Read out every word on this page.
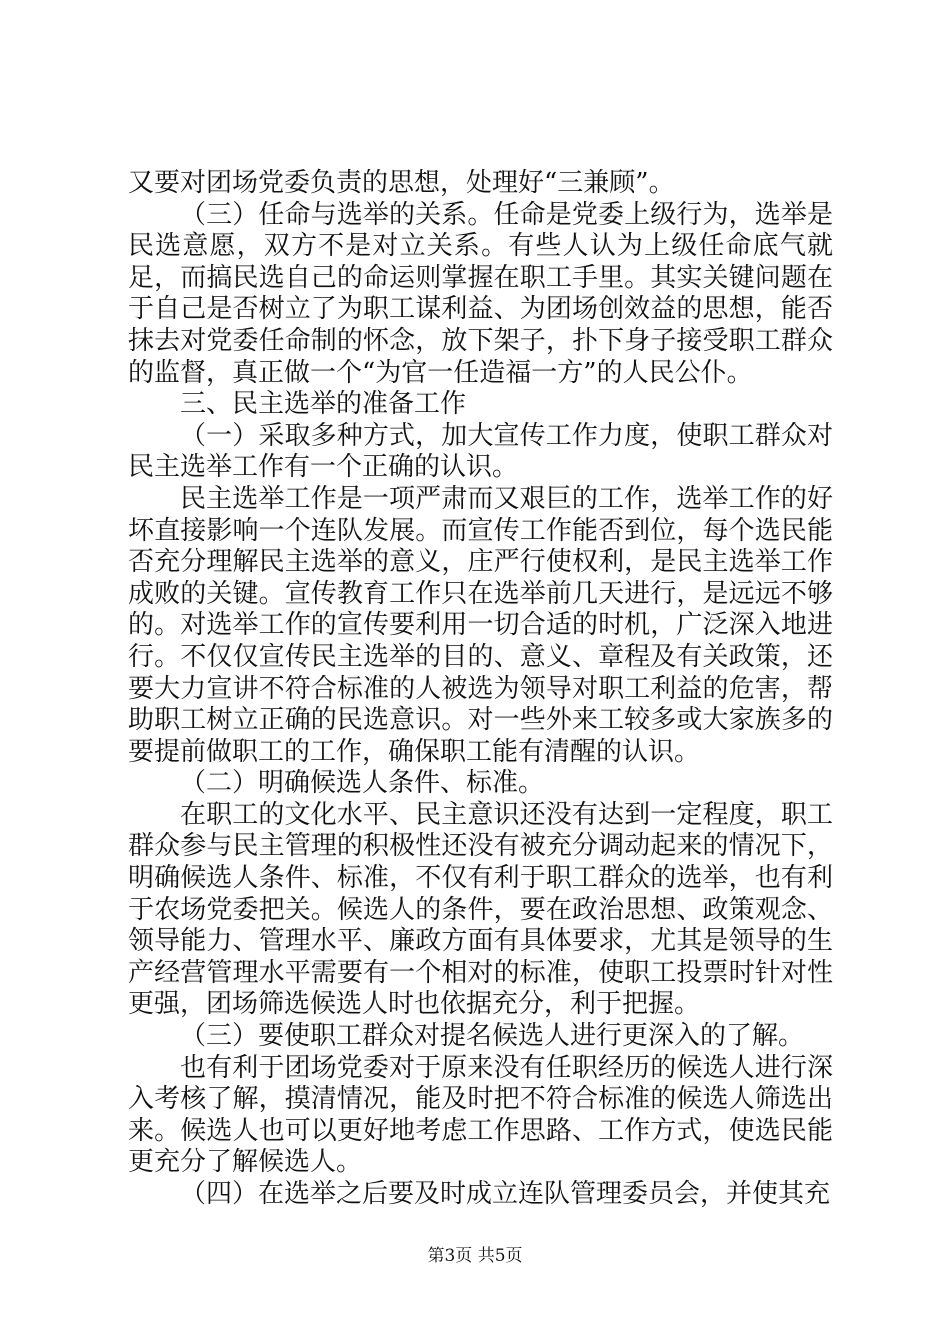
又要对团场党委负责的思想，处理好“三兼顾”。

（三）任命与选举的关系。任命是党委上级行为，选举是民选意愿，双方不是对立关系。有些人认为上级任命底气就足，而搞民选自己的命运则掌握在职工手里。其实关键问题在于自己是否树立了为职工谋利益、为团场创效益的思想，能否抹去对党委任命制的怀念，放下架子，扑下身子接受职工群众的监督，真正做一个“为官一任造福一方”的人民公仆。

三、民主选举的准备工作

（一）采取多种方式，加大宣传工作力度，使职工群众对民主选举工作有一个正确的认识。

民主选举工作是一项严肃而又艰巨的工作，选举工作的好坏直接影响一个连队发展。而宣传工作能否到位，每个选民能否充分理解民主选举的意义，庄严行使权利，是民主选举工作成败的关键。宣传教育工作只在选举前几天进行，是远远不够的。对选举工作的宣传要利用一切合适的时机，广泛深入地进行。不仅仅宣传民主选举的目的、意义、章程及有关政策，还要大力宣讲不符合标准的人被选为领导对职工利益的危害，帮助职工树立正确的民选意识。对一些外来工较多或大家族多的要提前做职工的工作，确保职工能有清醒的认识。

（二）明确候选人条件、标准。

在职工的文化水平、民主意识还没有达到一定程度，职工群众参与民主管理的积极性还没有被充分调动起来的情况下，明确候选人条件、标准，不仅有利于职工群众的选举，也有利于农场党委把关。候选人的条件，要在政治思想、政策观念、领导能力、管理水平、廉政方面有具体要求，尤其是领导的生产经营管理水平需要有一个相对的标准，使职工投票时针对性更强，团场筛选候选人时也依据充分，利于把握。

（三）要使职工群众对提名候选人进行更深入的了解。

也有利于团场党委对于原来没有任职经历的候选人进行深入考核了解，摸清情况，能及时把不符合标准的候选人筛选出来。候选人也可以更好地考虑工作思路、工作方式，使选民能更充分了解候选人。

（四）在选举之后要及时成立连队管理委员会，并使其充

第3页 共5页
